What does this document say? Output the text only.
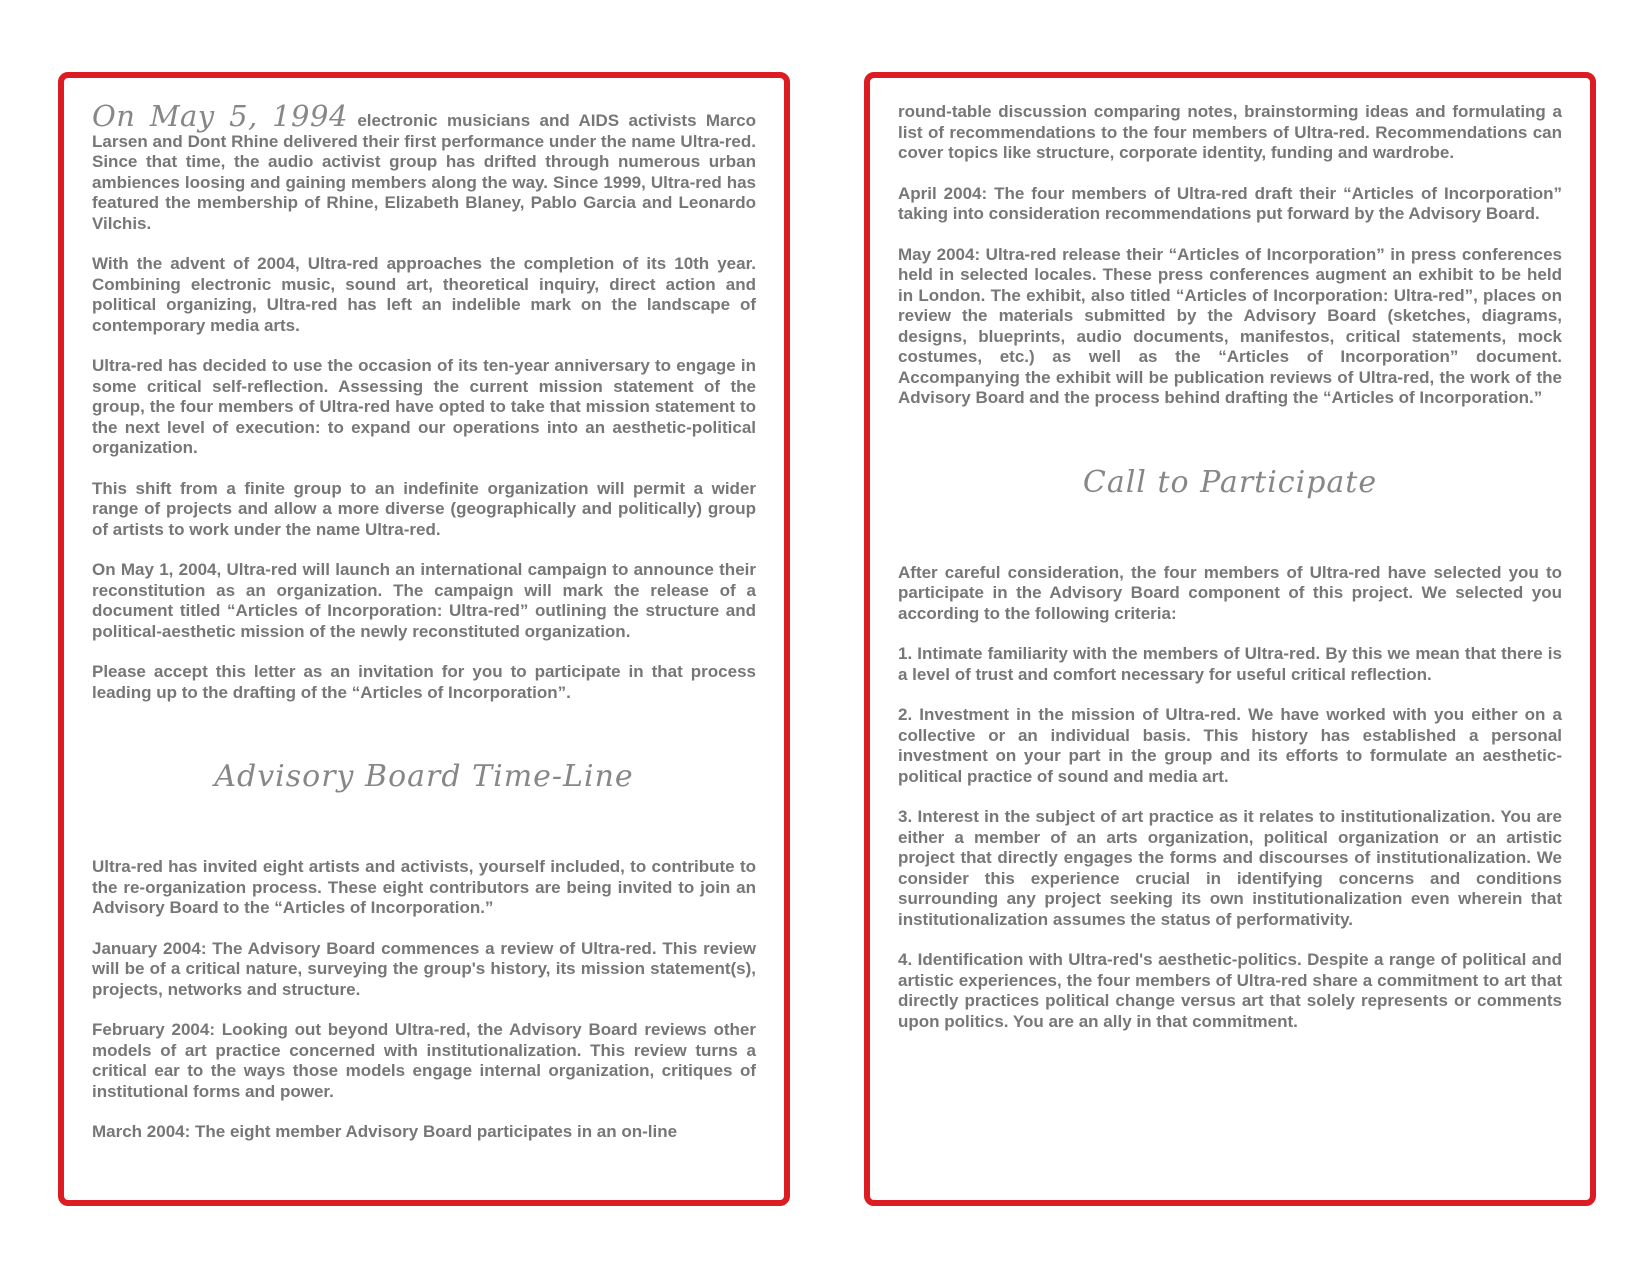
On May 5, 1994 electronic musicians and AIDS activists Marco Larsen and Dont Rhine delivered their first performance under the name Ultra-red. Since that time, the audio activist group has drifted through numerous urban ambiences loosing and gaining members along the way. Since 1999, Ultra-red has featured the membership of Rhine, Elizabeth Blaney, Pablo Garcia and Leonardo Vilchis.

With the advent of 2004, Ultra-red approaches the completion of its 10th year. Combining electronic music, sound art, theoretical inquiry, direct action and political organizing, Ultra-red has left an indelible mark on the landscape of contemporary media arts.

Ultra-red has decided to use the occasion of its ten-year anniversary to engage in some critical self-reflection. Assessing the current mission statement of the group, the four members of Ultra-red have opted to take that mission statement to the next level of execution: to expand our operations into an aesthetic-political organization.

This shift from a finite group to an indefinite organization will permit a wider range of projects and allow a more diverse (geographically and politically) group of artists to work under the name Ultra-red.

On May 1, 2004, Ultra-red will launch an international campaign to announce their reconstitution as an organization. The campaign will mark the release of a document titled “Articles of Incorporation: Ultra-red” outlining the structure and political-aesthetic mission of the newly reconstituted organization.

Please accept this letter as an invitation for you to participate in that process leading up to the drafting of the “Articles of Incorporation”.

Advisory Board Time-Line

Ultra-red has invited eight artists and activists, yourself included, to contribute to the re-organization process. These eight contributors are being invited to join an Advisory Board to the “Articles of Incorporation.”

January 2004: The Advisory Board commences a review of Ultra-red. This review will be of a critical nature, surveying the group's history, its mission statement(s), projects, networks and structure.

February 2004: Looking out beyond Ultra-red, the Advisory Board reviews other models of art practice concerned with institutionalization. This review turns a critical ear to the ways those models engage internal organization, critiques of institutional forms and power.

March 2004: The eight member Advisory Board participates in an on-line

round-table discussion comparing notes, brainstorming ideas and formulating a list of recommendations to the four members of Ultra-red. Recommendations can cover topics like structure, corporate identity, funding and wardrobe.

April 2004: The four members of Ultra-red draft their “Articles of Incorporation” taking into consideration recommendations put forward by the Advisory Board.

May 2004: Ultra-red release their “Articles of Incorporation” in press conferences held in selected locales. These press conferences augment an exhibit to be held in London. The exhibit, also titled “Articles of Incorporation: Ultra-red”, places on review the materials submitted by the Advisory Board (sketches, diagrams, designs, blueprints, audio documents, manifestos, critical statements, mock costumes, etc.) as well as the “Articles of Incorporation” document. Accompanying the exhibit will be publication reviews of Ultra-red, the work of the Advisory Board and the process behind drafting the “Articles of Incorporation.”

Call to Participate

After careful consideration, the four members of Ultra-red have selected you to participate in the Advisory Board component of this project. We selected you according to the following criteria:

1. Intimate familiarity with the members of Ultra-red. By this we mean that there is a level of trust and comfort necessary for useful critical reflection.

2. Investment in the mission of Ultra-red. We have worked with you either on a collective or an individual basis. This history has established a personal investment on your part in the group and its efforts to formulate an aesthetic-political practice of sound and media art.

3. Interest in the subject of art practice as it relates to institutionalization. You are either a member of an arts organization, political organization or an artistic project that directly engages the forms and discourses of institutionalization. We consider this experience crucial in identifying concerns and conditions surrounding any project seeking its own institutionalization even wherein that institutionalization assumes the status of performativity.

4. Identification with Ultra-red's aesthetic-politics. Despite a range of political and artistic experiences, the four members of Ultra-red share a commitment to art that directly practices political change versus art that solely represents or comments upon politics. You are an ally in that commitment.
